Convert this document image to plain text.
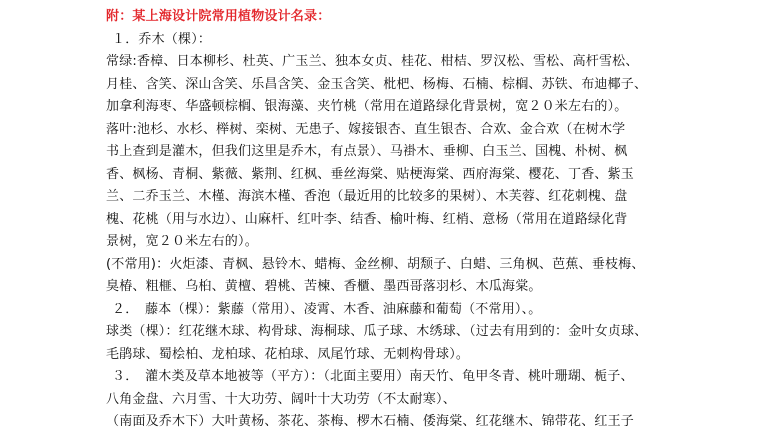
附：某上海设计院常用植物设计名录：

１．乔木（棵）：

常绿:香樟、日本柳杉、杜英、广玉兰、独本女贞、桂花、柑桔、罗汉松、雪松、高杆雪松、

月桂、含笑、深山含笑、乐昌含笑、金玉含笑、枇杷、杨梅、石楠、棕榈、苏铁、布迪椰子、

加拿利海枣、华盛顿棕榈、银海藻、夹竹桃（常用在道路绿化背景树，宽２０米左右的）。

落叶:池杉、水杉、榉树、栾树、无患子、嫁接银杏、直生银杏、合欢、金合欢（在树木学

书上查到是灌木，但我们这里是乔木，有点景）、马褂木、垂柳、白玉兰、国槐、朴树、枫

香、枫杨、青桐、紫薇、紫荆、红枫、垂丝海棠、贴梗海棠、西府海棠、樱花、丁香、紫玉

兰、二乔玉兰、木槿、海滨木槿、香泡（最近用的比较多的果树）、木芙蓉、红花刺槐、盘

槐、花桃（用与水边）、山麻杆、红叶李、结香、榆叶梅、红梢、意杨（常用在道路绿化背

景树，宽２０米左右的）。

(不常用)：火炬漆、青枫、悬铃木、蜡梅、金丝柳、胡颓子、白蜡、三角枫、芭蕉、垂枝梅、

臭椿、粗榧、乌桕、黄檀、碧桃、苦楝、香櫃、墨西哥落羽杉、木瓜海棠。

２．　藤本（棵）：紫藤（常用）、凌霄、木香、油麻藤和葡萄（不常用）、。

球类（棵）：红花继木球、构骨球、海桐球、瓜子球、木绣球、（过去有用到的：金叶女贞球、

毛鹃球、蜀桧柏、龙柏球、花柏球、凤尾竹球、无刺构骨球）。

３．　灌木类及草本地被等（平方）：（北面主要用）南天竹、龟甲冬青、桃叶珊瑚、栀子、

八角金盘、六月雪、十大功劳、阔叶十大功劳（不太耐寒）、

（南面及乔木下）大叶黄杨、茶花、茶梅、椤木石楠、倭海棠、红花继木、锦带花、红王子
